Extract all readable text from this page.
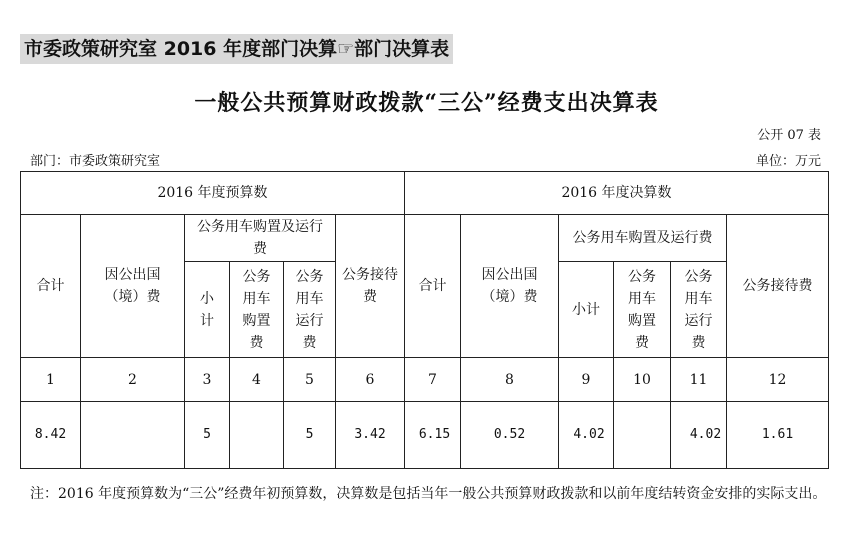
市委政策研究室 2016 年度部门决算☞部门决算表
一般公共预算财政拨款“三公”经费支出决算表
公开 07 表
部门：市委政策研究室	单位：万元
2016 年度预算数						2016 年度决算数					
合计	因公出国（境）费	公务用车购置及运行费			公务接待费	合计	因公出国（境）费	公务用车购置及运行费			公务接待费
		小计	公务用车购置费	公务用车运行费				小计	公务用车购置费	公务用车运行费	
1	2	3	4	5	6	7	8	9	10	11	12
8.42		5		5	3.42	6.15	0.52	4.02		4.02	1.61
注：2016 年度预算数为“三公”经费年初预算数，决算数是包括当年一般公共预算财政拨款和以前年度结转资金安排的实际支出。
